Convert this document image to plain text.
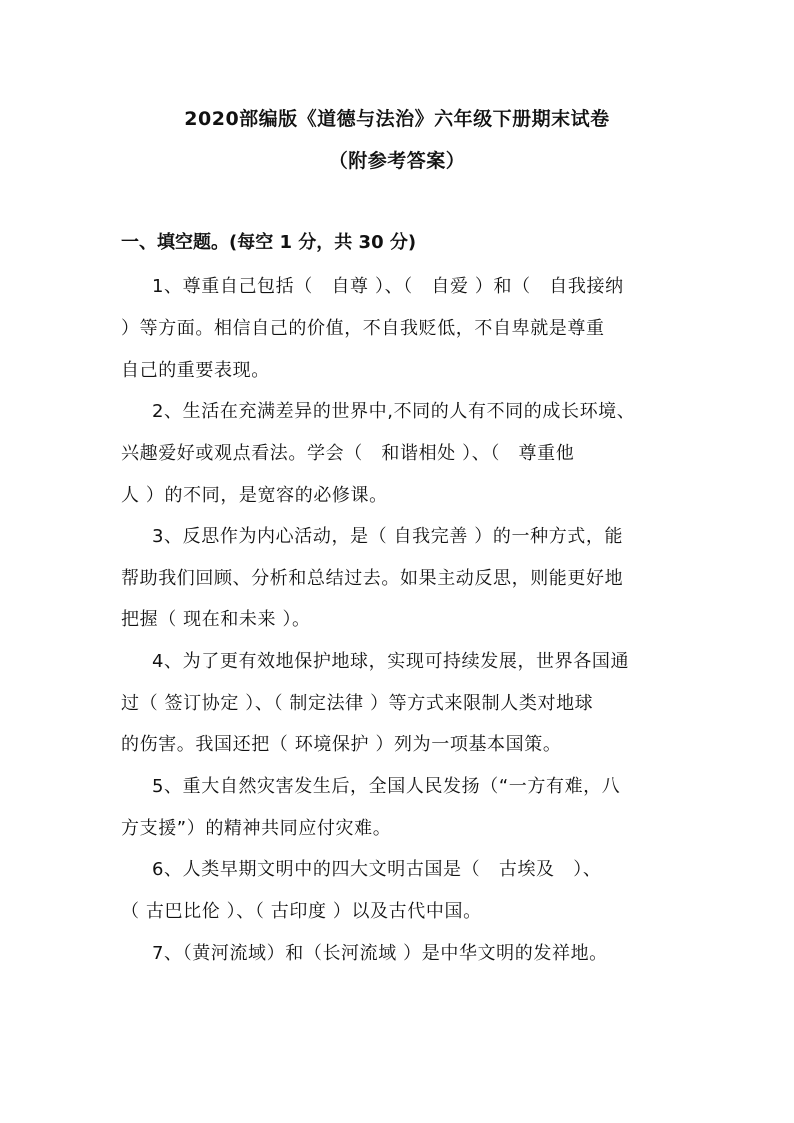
2020部编版《道德与法治》六年级下册期末试卷
（附参考答案）
一、填空题。(每空 1 分，共 30 分)
1、尊重自己包括（　自尊 ）、（　自爱 ）和（　自我接纳
）等方面。相信自己的价值，不自我贬低，不自卑就是尊重
自己的重要表现。
2、生活在充满差异的世界中,不同的人有不同的成长环境、
兴趣爱好或观点看法。学会（　和谐相处 ）、（　尊重他
人 ）的不同，是宽容的必修课。
3、反思作为内心活动，是（ 自我完善 ）的一种方式，能
帮助我们回顾、分析和总结过去。如果主动反思，则能更好地
把握（ 现在和未来 ）。
4、为了更有效地保护地球，实现可持续发展，世界各国通
过（ 签订协定 ）、（ 制定法律 ）等方式来限制人类对地球
的伤害。我国还把（ 环境保护 ）列为一项基本国策。
5、重大自然灾害发生后，全国人民发扬（“一方有难，八
方支援”）的精神共同应付灾难。
6、人类早期文明中的四大文明古国是（　古埃及　）、
（ 古巴比伦 ）、（ 古印度 ）以及古代中国。
7、（黄河流域）和（长河流域 ）是中华文明的发祥地。
